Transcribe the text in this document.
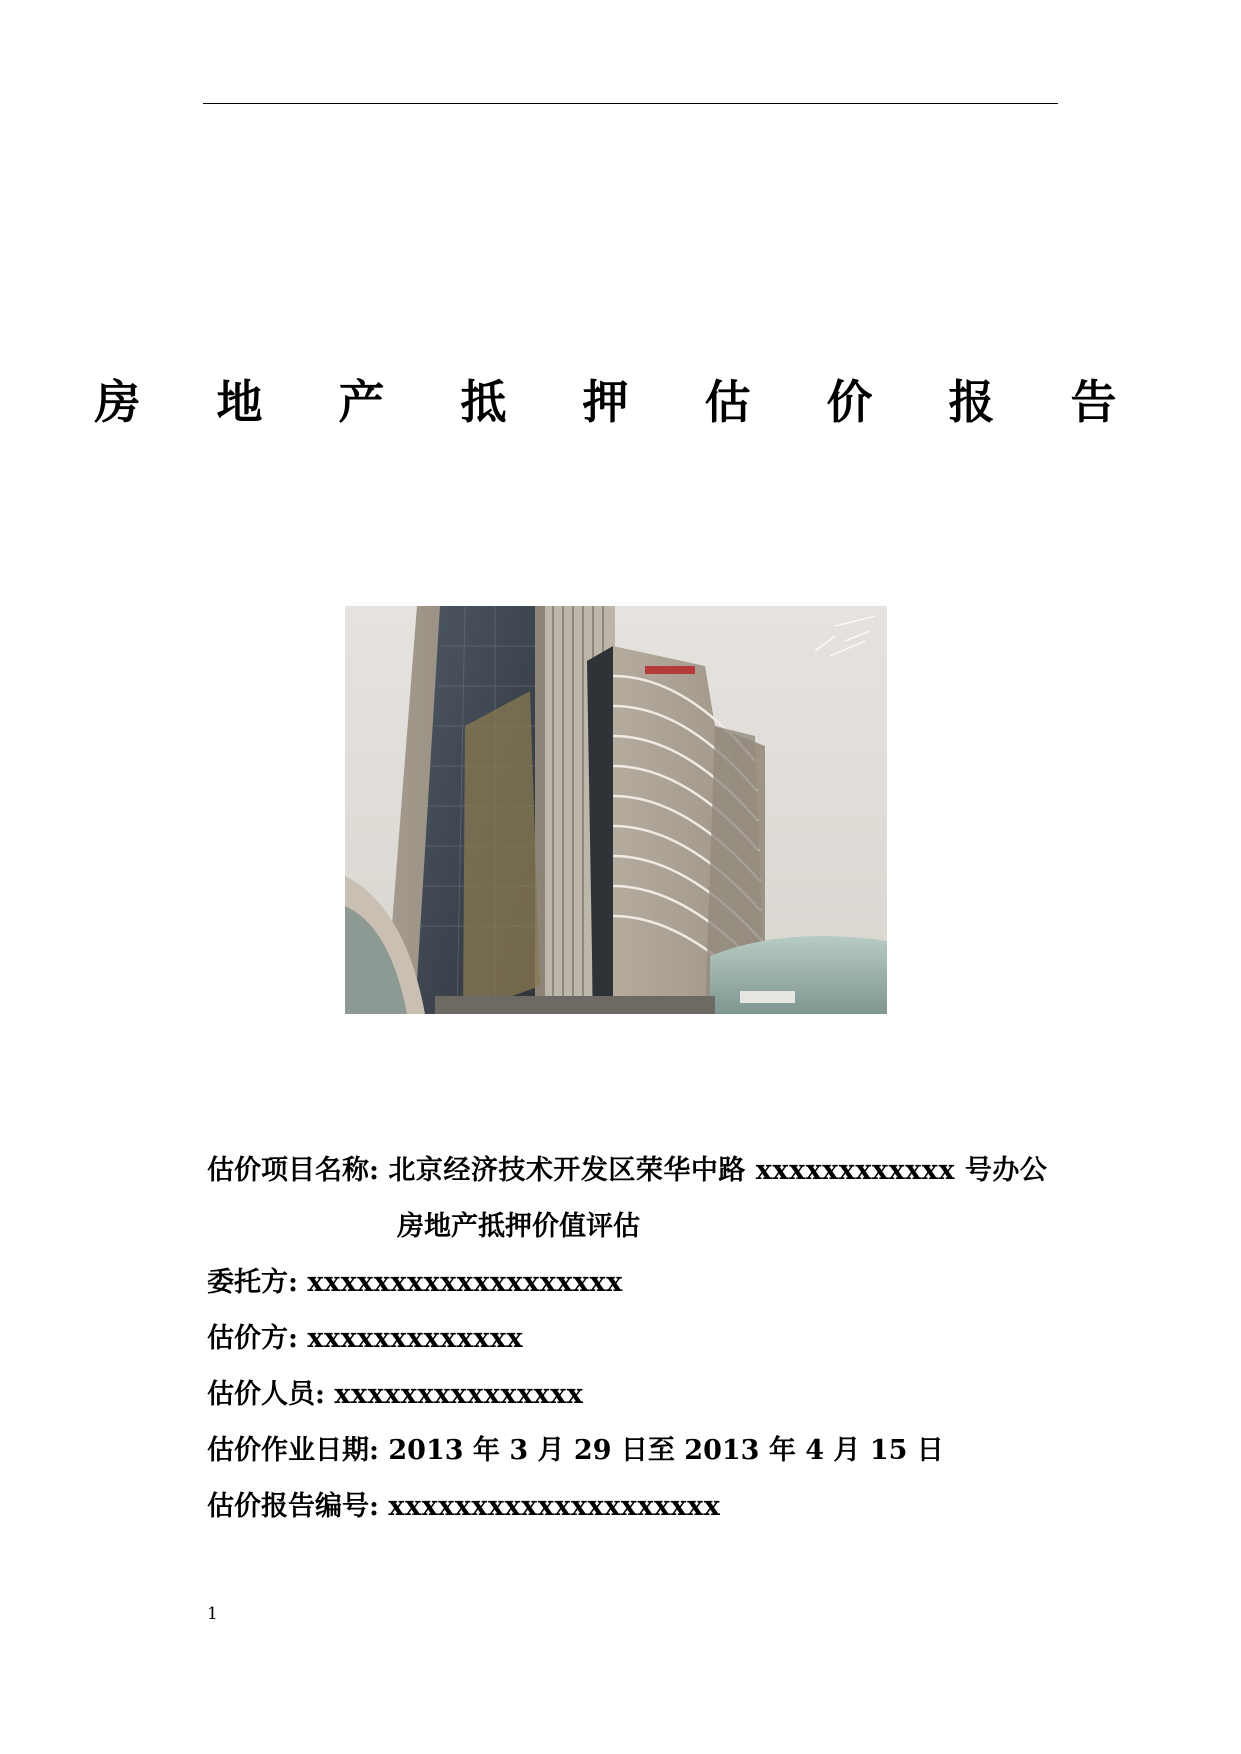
房 地 产 抵 押 估 价 报 告
估价项目名称: 北京经济技术开发区荣华中路 xxxxxxxxxxxx 号办公
房地产抵押价值评估
委托方: xxxxxxxxxxxxxxxxxxx
估价方: xxxxxxxxxxxxx
估价人员: xxxxxxxxxxxxxxx
估价作业日期: 2013 年 3 月 29 日至 2013 年 4 月 15 日
估价报告编号: xxxxxxxxxxxxxxxxxxxx
1
